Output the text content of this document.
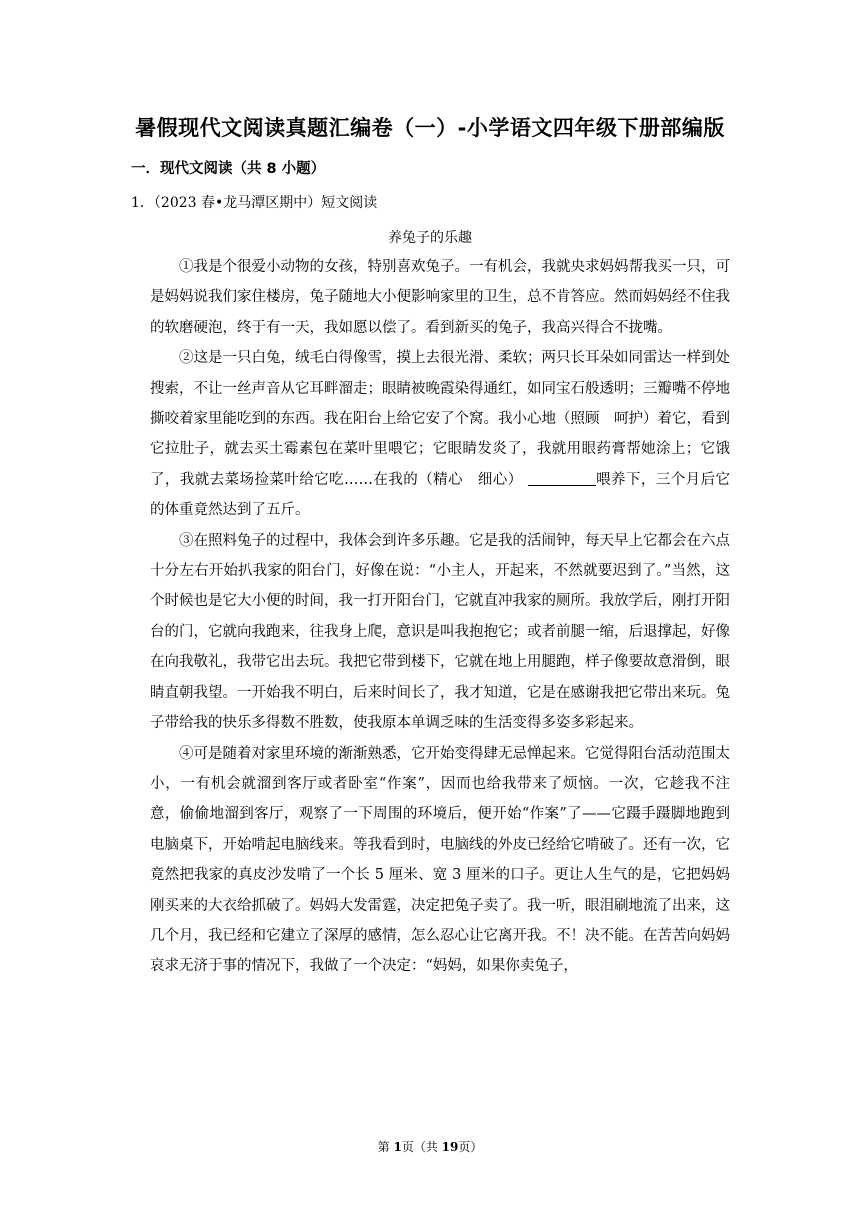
暑假现代文阅读真题汇编卷（一）-小学语文四年级下册部编版

一．现代文阅读（共 8 小题）

1．（2023 春•龙马潭区期中）短文阅读

养兔子的乐趣

①我是个很爱小动物的女孩，特别喜欢兔子。一有机会，我就央求妈妈帮我买一只，可是妈妈说我们家住楼房，兔子随地大小便影响家里的卫生，总不肯答应。然而妈妈经不住我的软磨硬泡，终于有一天，我如愿以偿了。看到新买的兔子，我高兴得合不拢嘴。

②这是一只白兔，绒毛白得像雪，摸上去很光滑、柔软；两只长耳朵如同雷达一样到处搜索，不让一丝声音从它耳畔溜走；眼睛被晚霞染得通红，如同宝石般透明；三瓣嘴不停地撕咬着家里能吃到的东西。我在阳台上给它安了个窝。我小心地（照顾　呵护）着它，看到它拉肚子，就去买土霉素包在菜叶里喂它；它眼睛发炎了，我就用眼药膏帮她涂上；它饿了，我就去菜场捡菜叶给它吃……在我的（精心　细心）	喂养下，三个月后它的体重竟然达到了五斤。

③在照料兔子的过程中，我体会到许多乐趣。它是我的活闹钟，每天早上它都会在六点十分左右开始扒我家的阳台门，好像在说：“小主人，开起来，不然就要迟到了。”当然，这个时候也是它大小便的时间，我一打开阳台门，它就直冲我家的厕所。我放学后，刚打开阳台的门，它就向我跑来，往我身上爬，意识是叫我抱抱它；或者前腿一缩，后退撑起，好像在向我敬礼，我带它出去玩。我把它带到楼下，它就在地上用腿跑，样子像要故意滑倒，眼睛直朝我望。一开始我不明白，后来时间长了，我才知道，它是在感谢我把它带出来玩。兔子带给我的快乐多得数不胜数，使我原本单调乏味的生活变得多姿多彩起来。

④可是随着对家里环境的渐渐熟悉，它开始变得肆无忌惮起来。它觉得阳台活动范围太小，一有机会就溜到客厅或者卧室“作案”，因而也给我带来了烦恼。一次，它趁我不注意，偷偷地溜到客厅，观察了一下周围的环境后，便开始“作案”了——它蹑手蹑脚地跑到电脑桌下，开始啃起电脑线来。等我看到时，电脑线的外皮已经给它啃破了。还有一次，它竟然把我家的真皮沙发啃了一个长 5 厘米、宽 3 厘米的口子。更让人生气的是，它把妈妈刚买来的大衣给抓破了。妈妈大发雷霆，决定把兔子卖了。我一听，眼泪刷地流了出来，这几个月，我已经和它建立了深厚的感情，怎么忍心让它离开我。不！决不能。在苦苦向妈妈哀求无济于事的情况下，我做了一个决定：“妈妈，如果你卖兔子，

第 1页（共 19页）
